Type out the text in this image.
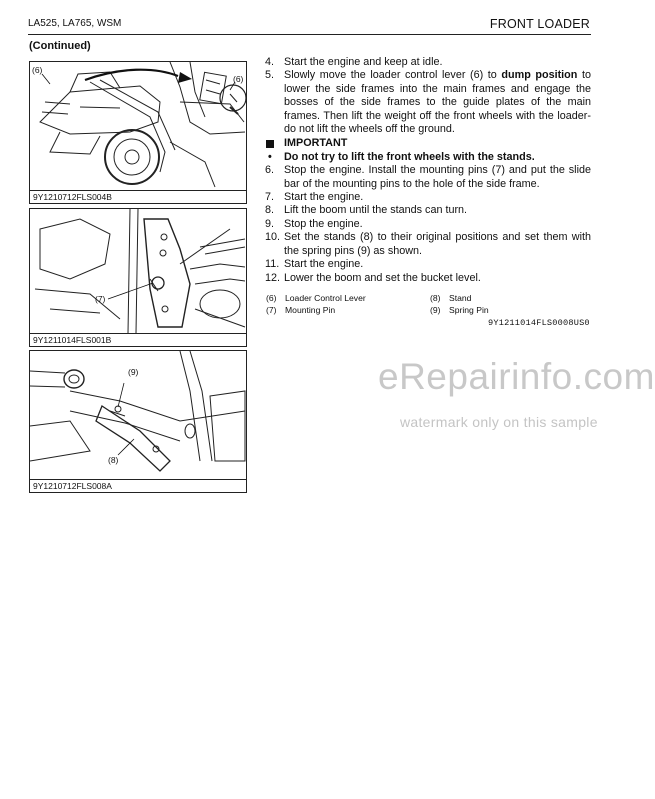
LA525, LA765, WSM	FRONT LOADER
(Continued)
(6)
(6)
9Y1210712FLS004B
(7)
9Y1211014FLS001B
(9)
(8)
9Y1210712FLS008A
4. Start the engine and keep at idle.
5. Slowly move the loader control lever (6) to dump position to lower the side frames into the main frames and engage the bosses of the side frames to the guide plates of the main frames. Then lift the weight off the front wheels with the loader-do not lift the wheels off the ground.
IMPORTANT
•	Do not try to lift the front wheels with the stands.
6. Stop the engine. Install the mounting pins (7) and put the slide bar of the mounting pins to the hole of the side frame.
7. Start the engine.
8. Lift the boom until the stands can turn.
9. Stop the engine.
10. Set the stands (8) to their original positions and set them with the spring pins (9) as shown.
11. Start the engine.
12. Lower the boom and set the bucket level.
(6) Loader Control Lever	(8) Stand
(7) Mounting Pin	(9) Spring Pin
9Y1211014FLS0008US0
eRepairinfo.com
watermark only on this sample
